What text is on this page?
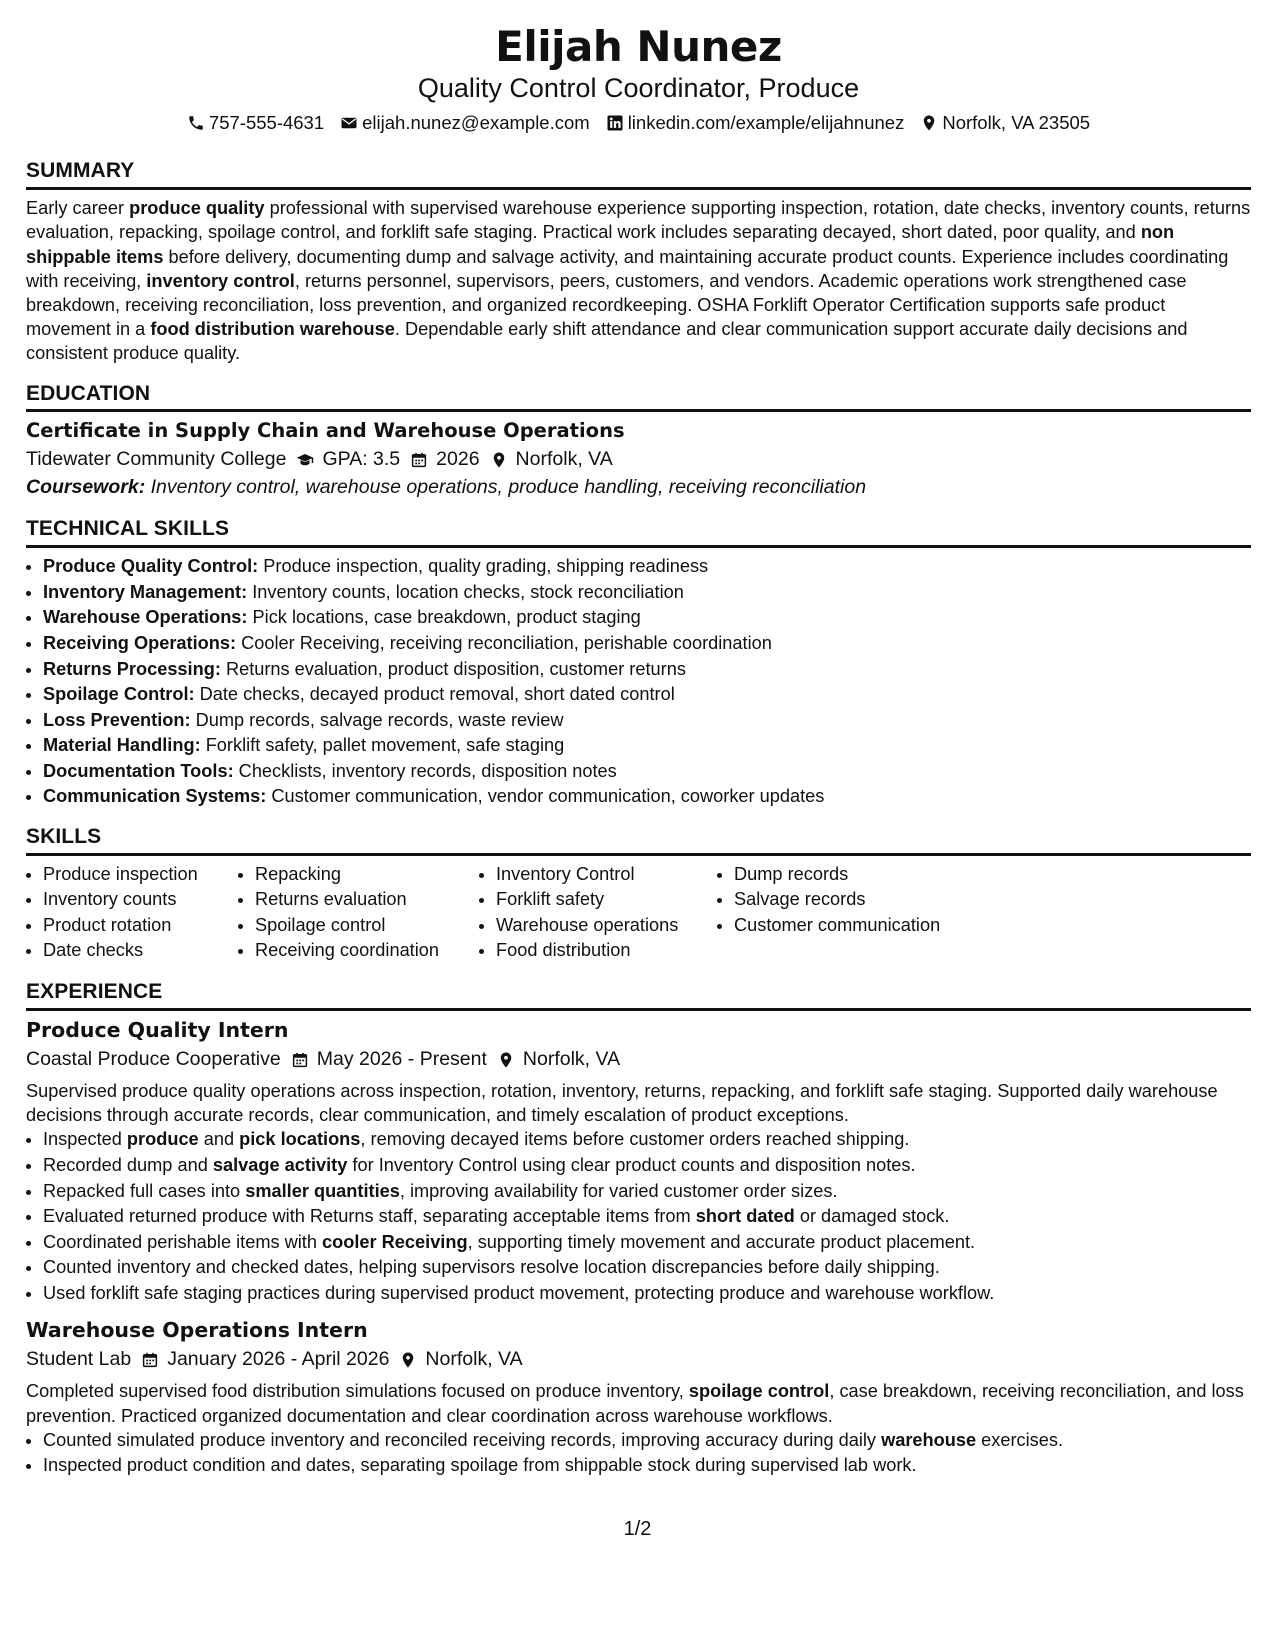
Elijah Nunez
Quality Control Coordinator, Produce
757-555-4631 elijah.nunez@example.com linkedin.com/example/elijahnunez Norfolk, VA 23505
SUMMARY

Early career produce quality professional with supervised warehouse experience supporting inspection, rotation, date checks, inventory counts, returns evaluation, repacking, spoilage control, and forklift safe staging. Practical work includes separating decayed, short dated, poor quality, and non shippable items before delivery, documenting dump and salvage activity, and maintaining accurate product counts. Experience includes coordinating with receiving, inventory control, returns personnel, supervisors, peers, customers, and vendors. Academic operations work strengthened case breakdown, receiving reconciliation, loss prevention, and organized recordkeeping. OSHA Forklift Operator Certification supports safe product movement in a food distribution warehouse. Dependable early shift attendance and clear communication support accurate daily decisions and consistent produce quality.

EDUCATION
Certificate in Supply Chain and Warehouse Operations
Tidewater Community College GPA: 3.5 2026 Norfolk, VA
Coursework: Inventory control, warehouse operations, produce handling, receiving reconciliation
TECHNICAL SKILLS
• Produce Quality Control: Produce inspection, quality grading, shipping readiness
• Inventory Management: Inventory counts, location checks, stock reconciliation
• Warehouse Operations: Pick locations, case breakdown, product staging
• Receiving Operations: Cooler Receiving, receiving reconciliation, perishable coordination
• Returns Processing: Returns evaluation, product disposition, customer returns
• Spoilage Control: Date checks, decayed product removal, short dated control
• Loss Prevention: Dump records, salvage records, waste review
• Material Handling: Forklift safety, pallet movement, safe staging
• Documentation Tools: Checklists, inventory records, disposition notes
• Communication Systems: Customer communication, vendor communication, coworker updates
SKILLS
• Produce inspection
• Inventory counts
• Product rotation
• Date checks
• Repacking
• Returns evaluation
• Spoilage control
• Receiving coordination
• Inventory Control
• Forklift safety
• Warehouse operations
• Food distribution
• Dump records
• Salvage records
• Customer communication
EXPERIENCE
Produce Quality Intern
Coastal Produce Cooperative May 2026 - Present Norfolk, VA

Supervised produce quality operations across inspection, rotation, inventory, returns, repacking, and forklift safe staging. Supported daily warehouse decisions through accurate records, clear communication, and timely escalation of product exceptions.

• Inspected produce and pick locations, removing decayed items before customer orders reached shipping.
• Recorded dump and salvage activity for Inventory Control using clear product counts and disposition notes.
• Repacked full cases into smaller quantities, improving availability for varied customer order sizes.
• Evaluated returned produce with Returns staff, separating acceptable items from short dated or damaged stock.
• Coordinated perishable items with cooler Receiving, supporting timely movement and accurate product placement.
• Counted inventory and checked dates, helping supervisors resolve location discrepancies before daily shipping.
• Used forklift safe staging practices during supervised product movement, protecting produce and warehouse workflow.
Warehouse Operations Intern
Student Lab January 2026 - April 2026 Norfolk, VA

Completed supervised food distribution simulations focused on produce inventory, spoilage control, case breakdown, receiving reconciliation, and loss prevention. Practiced organized documentation and clear coordination across warehouse workflows.

• Counted simulated produce inventory and reconciled receiving records, improving accuracy during daily warehouse exercises.
• Inspected product condition and dates, separating spoilage from shippable stock during supervised lab work.
1/2
